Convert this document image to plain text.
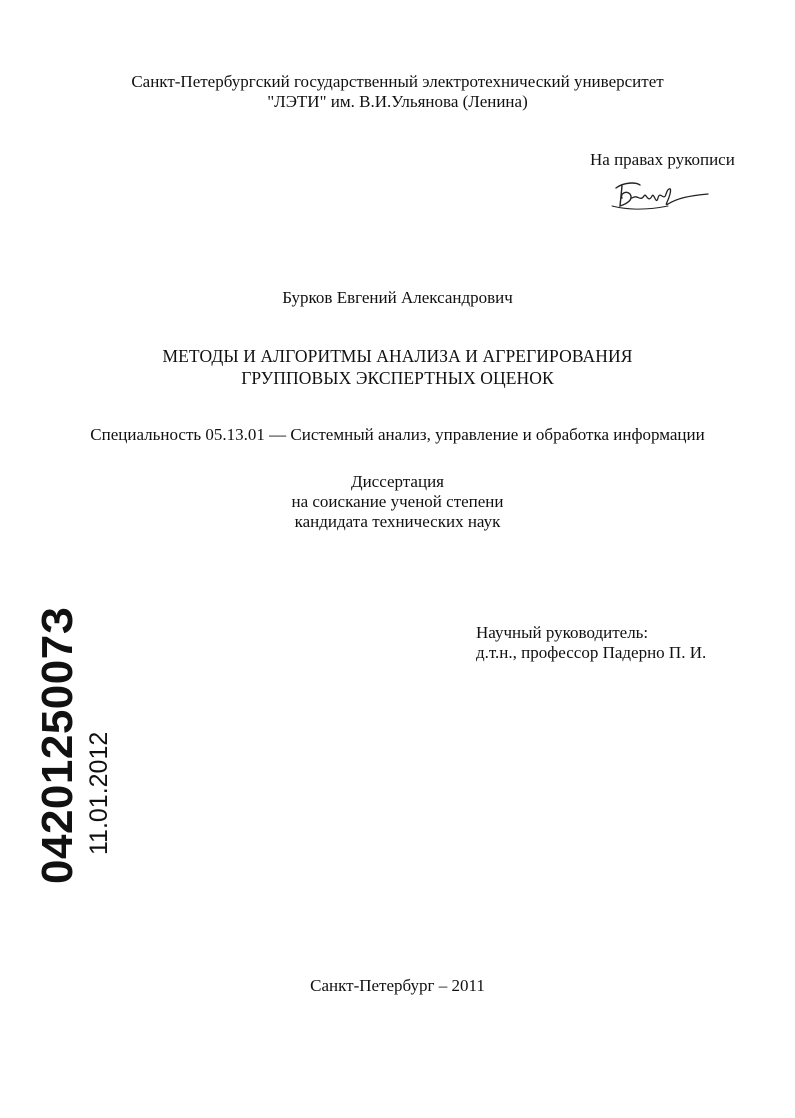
Санкт-Петербургский государственный электротехнический университет
"ЛЭТИ" им. В.И.Ульянова (Ленина)
На правах рукописи
Бурков Евгений Александрович
МЕТОДЫ И АЛГОРИТМЫ АНАЛИЗА И АГРЕГИРОВАНИЯ
ГРУППОВЫХ ЭКСПЕРТНЫХ ОЦЕНОК
Специальность 05.13.01 — Системный анализ, управление и обработка информации
Диссертация
на соискание ученой степени
кандидата технических наук
Научный руководитель:
д.т.н., профессор Падерно П. И.
0420125007З 11.01.2012
Санкт-Петербург – 2011
